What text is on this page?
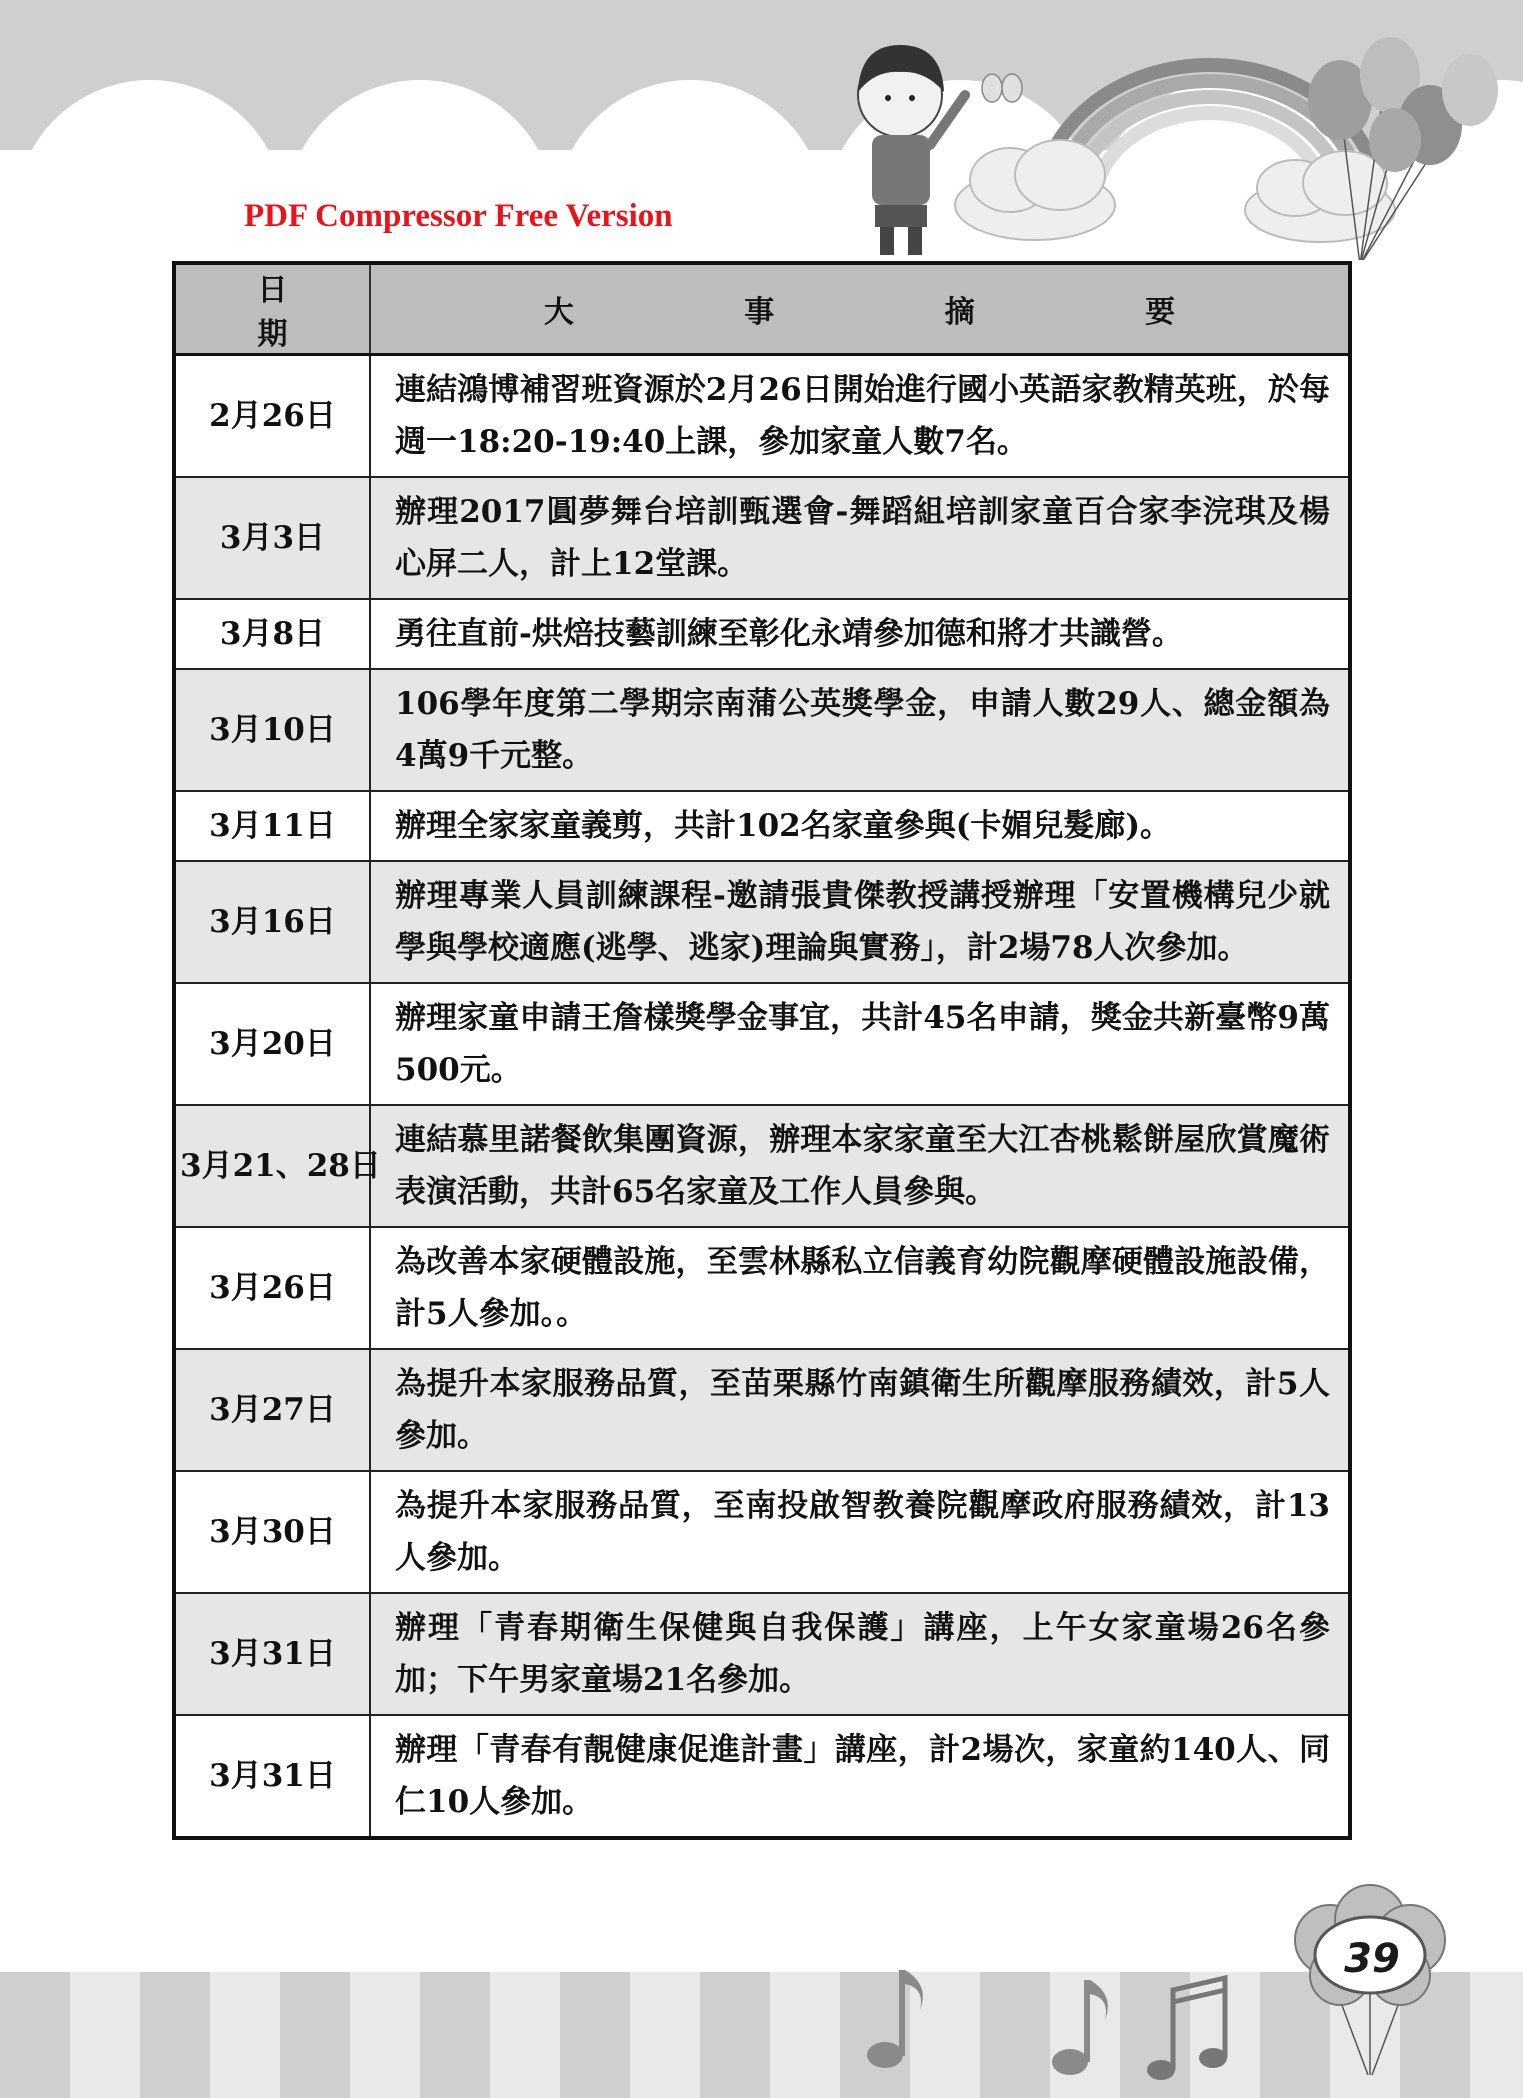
PDF Compressor Free Version
日 期	大 事 摘 要
2月26日	連結鴻博補習班資源於2月26日開始進行國小英語家教精英班，於每週一18:20-19:40上課，參加家童人數7名。
3月3日	辦理2017圓夢舞台培訓甄選會-舞蹈組培訓家童百合家李浣琪及楊心屏二人，計上12堂課。
3月8日	勇往直前-烘焙技藝訓練至彰化永靖參加德和將才共識營。
3月10日	106學年度第二學期宗南蒲公英獎學金，申請人數29人、總金額為4萬9千元整。
3月11日	辦理全家家童義剪，共計102名家童參與(卡媚兒髮廊)。
3月16日	辦理專業人員訓練課程-邀請張貴傑教授講授辦理「安置機構兒少就學與學校適應(逃學、逃家)理論與實務」，計2場78人次參加。
3月20日	辦理家童申請王詹樣獎學金事宜，共計45名申請，獎金共新臺幣9萬500元。
3月21、28日	連結慕里諾餐飲集團資源，辦理本家家童至大江杏桃鬆餅屋欣賞魔術表演活動，共計65名家童及工作人員參與。
3月26日	為改善本家硬體設施，至雲林縣私立信義育幼院觀摩硬體設施設備，計5人參加。。
3月27日	為提升本家服務品質，至苗栗縣竹南鎮衛生所觀摩服務績效，計5人參加。
3月30日	為提升本家服務品質，至南投啟智教養院觀摩政府服務績效，計13人參加。
3月31日	辦理「青春期衛生保健與自我保護」講座，上午女家童場26名參加；下午男家童場21名參加。
3月31日	辦理「青春有靚健康促進計畫」講座，計2場次，家童約140人、同仁10人參加。
39
